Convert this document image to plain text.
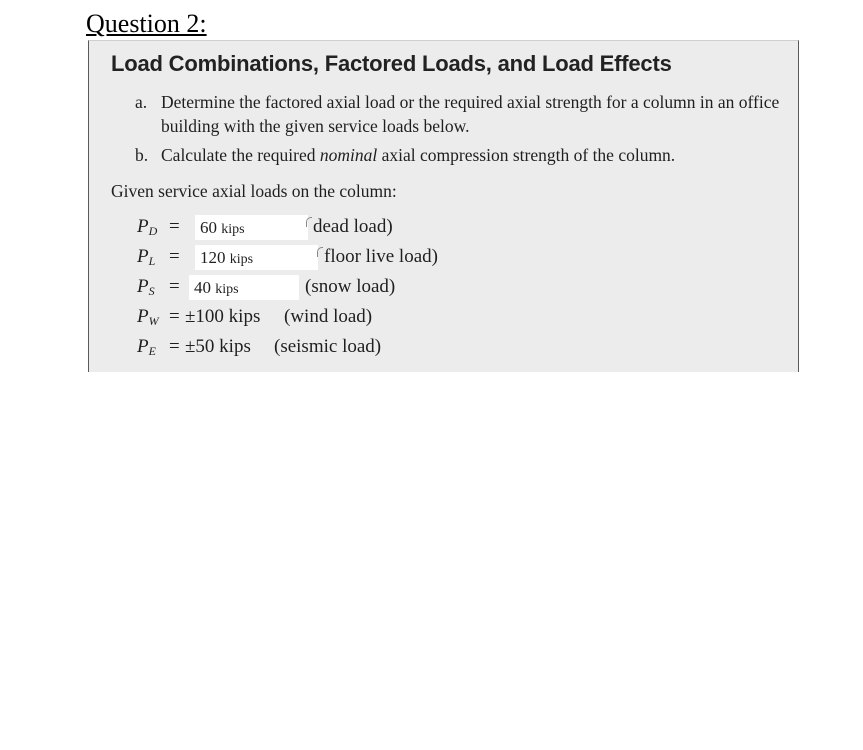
Question 2:
Load Combinations, Factored Loads, and Load Effects
a. Determine the factored axial load or the required axial strength for a column in an office building with the given service loads below.
b. Calculate the required nominal axial compression strength of the column.
Given service axial loads on the column:
$P_D = 60$ kips	dead load)
$P_L = 120$ kips	floor live load)
$P_S = 40$ kips	(snow load)
$P_W = \pm 100$ kips (wind load)
$P_E = \pm 50$ kips (seismic load)
